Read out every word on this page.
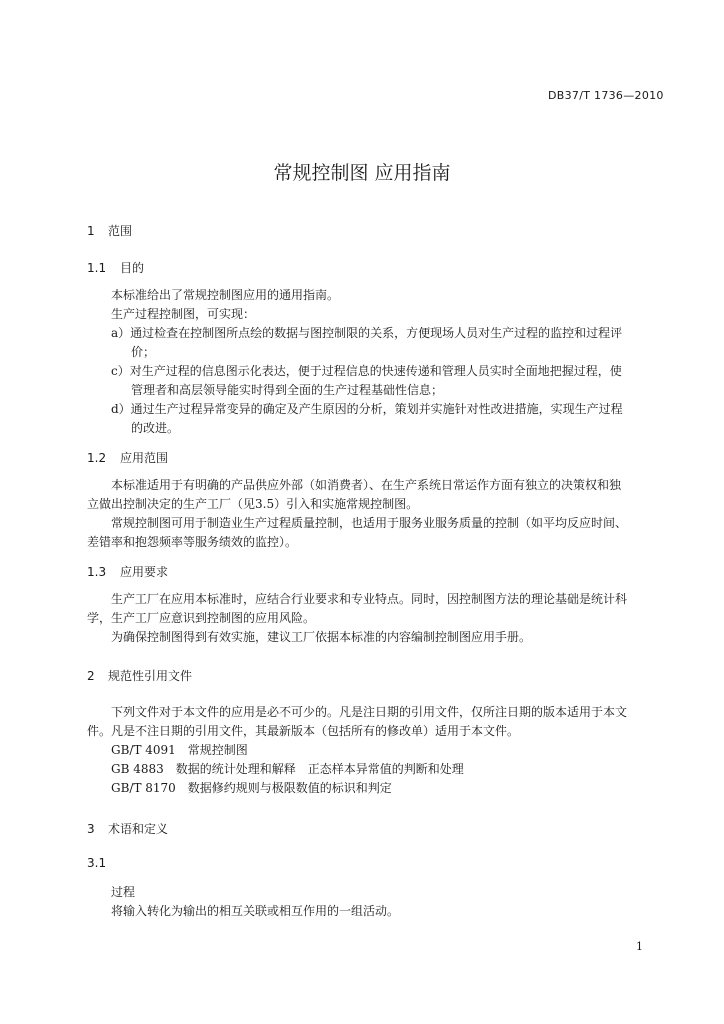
DB37/T 1736—2010
常规控制图 应用指南
1 范围
1.1 目的
本标准给出了常规控制图应用的通用指南。
生产过程控制图，可实现：
a）通过检查在控制图所点绘的数据与图控制限的关系，方便现场人员对生产过程的监控和过程评
价；
c）对生产过程的信息图示化表达，便于过程信息的快速传递和管理人员实时全面地把握过程，使
管理者和高层领导能实时得到全面的生产过程基础性信息；
d）通过生产过程异常变异的确定及产生原因的分析，策划并实施针对性改进措施，实现生产过程
的改进。
1.2 应用范围
本标准适用于有明确的产品供应外部（如消费者）、在生产系统日常运作方面有独立的决策权和独
立做出控制决定的生产工厂（见3.5）引入和实施常规控制图。
常规控制图可用于制造业生产过程质量控制，也适用于服务业服务质量的控制（如平均反应时间、
差错率和抱怨频率等服务绩效的监控）。
1.3 应用要求
生产工厂在应用本标准时，应结合行业要求和专业特点。同时，因控制图方法的理论基础是统计科
学，生产工厂应意识到控制图的应用风险。
为确保控制图得到有效实施，建议工厂依据本标准的内容编制控制图应用手册。
2 规范性引用文件
下列文件对于本文件的应用是必不可少的。凡是注日期的引用文件，仅所注日期的版本适用于本文
件。凡是不注日期的引用文件，其最新版本（包括所有的修改单）适用于本文件。
GB/T 4091　常规控制图
GB 4883　数据的统计处理和解释　正态样本异常值的判断和处理
GB/T 8170　数据修约规则与极限数值的标识和判定
3 术语和定义
3.1
过程
将输入转化为输出的相互关联或相互作用的一组活动。
1
